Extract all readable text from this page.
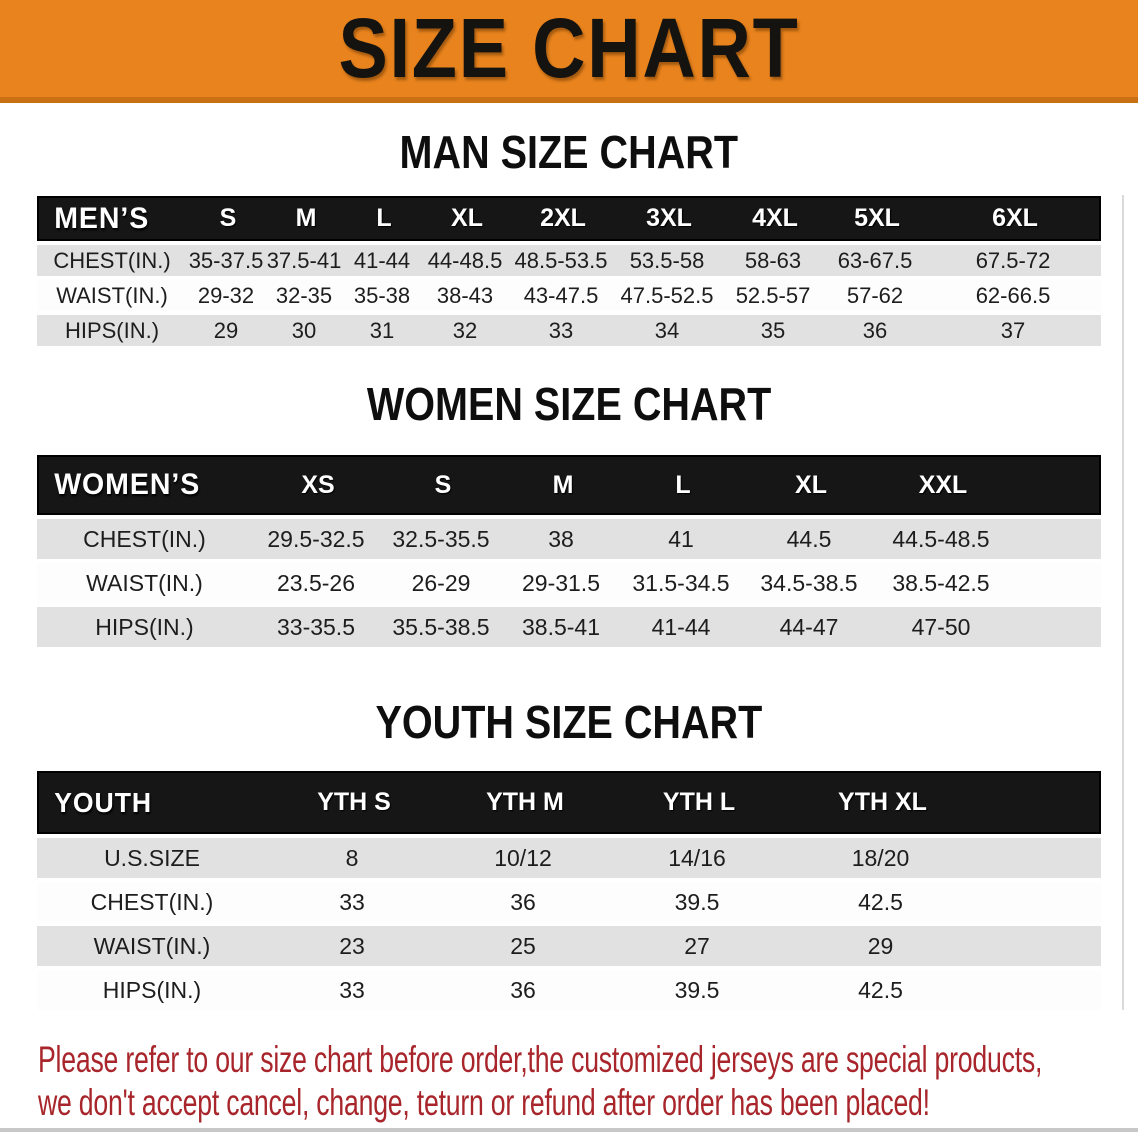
SIZE CHART
MAN SIZE CHART
MEN’S	S	M	L	XL	2XL	3XL	4XL	5XL	6XL
CHEST(IN.) 35-37.5 37.5-41 41-44 44-48.5 48.5-53.5	53.5-58	58-63	63-67.5	67.5-72
WAIST(IN.)	29-32 32-35 35-38	38-43	43-47.5	47.5-52.5	52.5-57	57-62	62-66.5
HIPS(IN.)	29	30	31	32	33	34	35	36	37
WOMEN SIZE CHART
WOMEN’S	XS	S	M	L	XL	XXL
CHEST(IN.)	29.5-32.5	32.5-35.5	38	41	44.5	44.5-48.5
WAIST(IN.)	23.5-26	26-29	29-31.5	31.5-34.5	34.5-38.5	38.5-42.5
HIPS(IN.)	33-35.5	35.5-38.5	38.5-41	41-44	44-47	47-50
YOUTH SIZE CHART
YOUTH	YTH S	YTH M	YTH L	YTH XL
U.S.SIZE	8	10/12	14/16	18/20
CHEST(IN.)	33	36	39.5	42.5
WAIST(IN.)	23	25	27	29
HIPS(IN.)	33	36	39.5	42.5
Please refer to our size chart before order,the customized jerseys are special products,
we don't accept cancel, change, teturn or refund after order has been placed!
